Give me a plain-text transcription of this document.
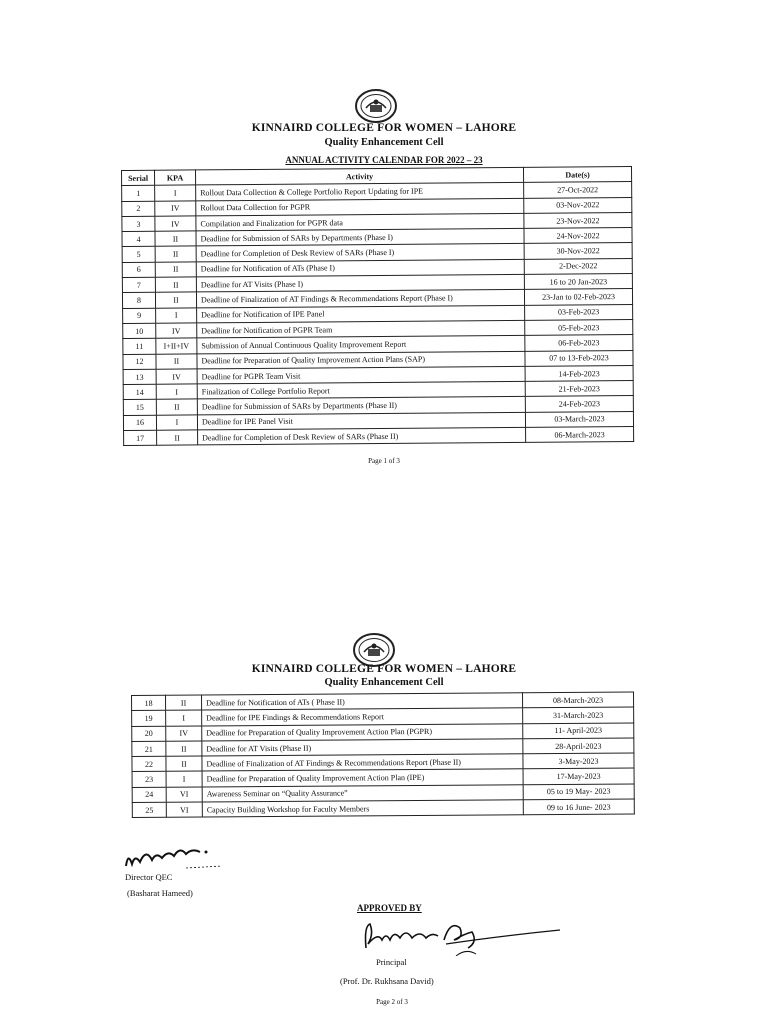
KINNAIRD COLLEGE FOR WOMEN – LAHORE
Quality Enhancement Cell
ANNUAL ACTIVITY CALENDAR FOR 2022 – 23
Serial	KPA	Activity	Date(s)
1	I	Rollout Data Collection & College Portfolio Report Updating for IPE	27-Oct-2022
2	IV	Rollout Data Collection for PGPR	03-Nov-2022
3	IV	Compilation and Finalization for PGPR data	23-Nov-2022
4	II	Deadline for Submission of SARs by Departments (Phase I)	24-Nov-2022
5	II	Deadline for Completion of Desk Review of SARs (Phase I)	30-Nov-2022
6	II	Deadline for Notification of ATs (Phase I)	2-Dec-2022
7	II	Deadline for AT Visits (Phase I)	16 to 20 Jan-2023
8	II	Deadline of Finalization of AT Findings & Recommendations Report (Phase I)	23-Jan to 02-Feb-2023
9	I	Deadline for Notification of IPE Panel	03-Feb-2023
10	IV	Deadline for Notification of PGPR Team	05-Feb-2023
11	I+II+IV	Submission of Annual Continuous Quality Improvement Report	06-Feb-2023
12	II	Deadline for Preparation of Quality Improvement Action Plans (SAP)	07 to 13-Feb-2023
13	IV	Deadline for PGPR Team Visit	14-Feb-2023
14	I	Finalization of College Portfolio Report	21-Feb-2023
15	II	Deadline for Submission of SARs by Departments (Phase II)	24-Feb-2023
16	I	Deadline for IPE Panel Visit	03-March-2023
17	II	Deadline for Completion of Desk Review of SARs (Phase II)	06-March-2023
Page 1 of 3
KINNAIRD COLLEGE FOR WOMEN – LAHORE
Quality Enhancement Cell
18	II	Deadline for Notification of ATs ( Phase II)	08-March-2023
19	I	Deadline for IPE Findings & Recommendations Report	31-March-2023
20	IV	Deadline for Preparation of Quality Improvement Action Plan (PGPR)	11- April-2023
21	II	Deadline for AT Visits (Phase II)	28-April-2023
22	II	Deadline of Finalization of AT Findings & Recommendations Report (Phase II)	3-May-2023
23	I	Deadline for Preparation of Quality Improvement Action Plan (IPE)	17-May-2023
24	VI	Awareness Seminar on “Quality Assurance”	05 to 19 May- 2023
25	VI	Capacity Building Workshop for Faculty Members	09 to 16 June- 2023
Director QEC
(Basharat Hameed)
APPROVED BY
Principal
(Prof. Dr. Rukhsana David)
Page 2 of 3
